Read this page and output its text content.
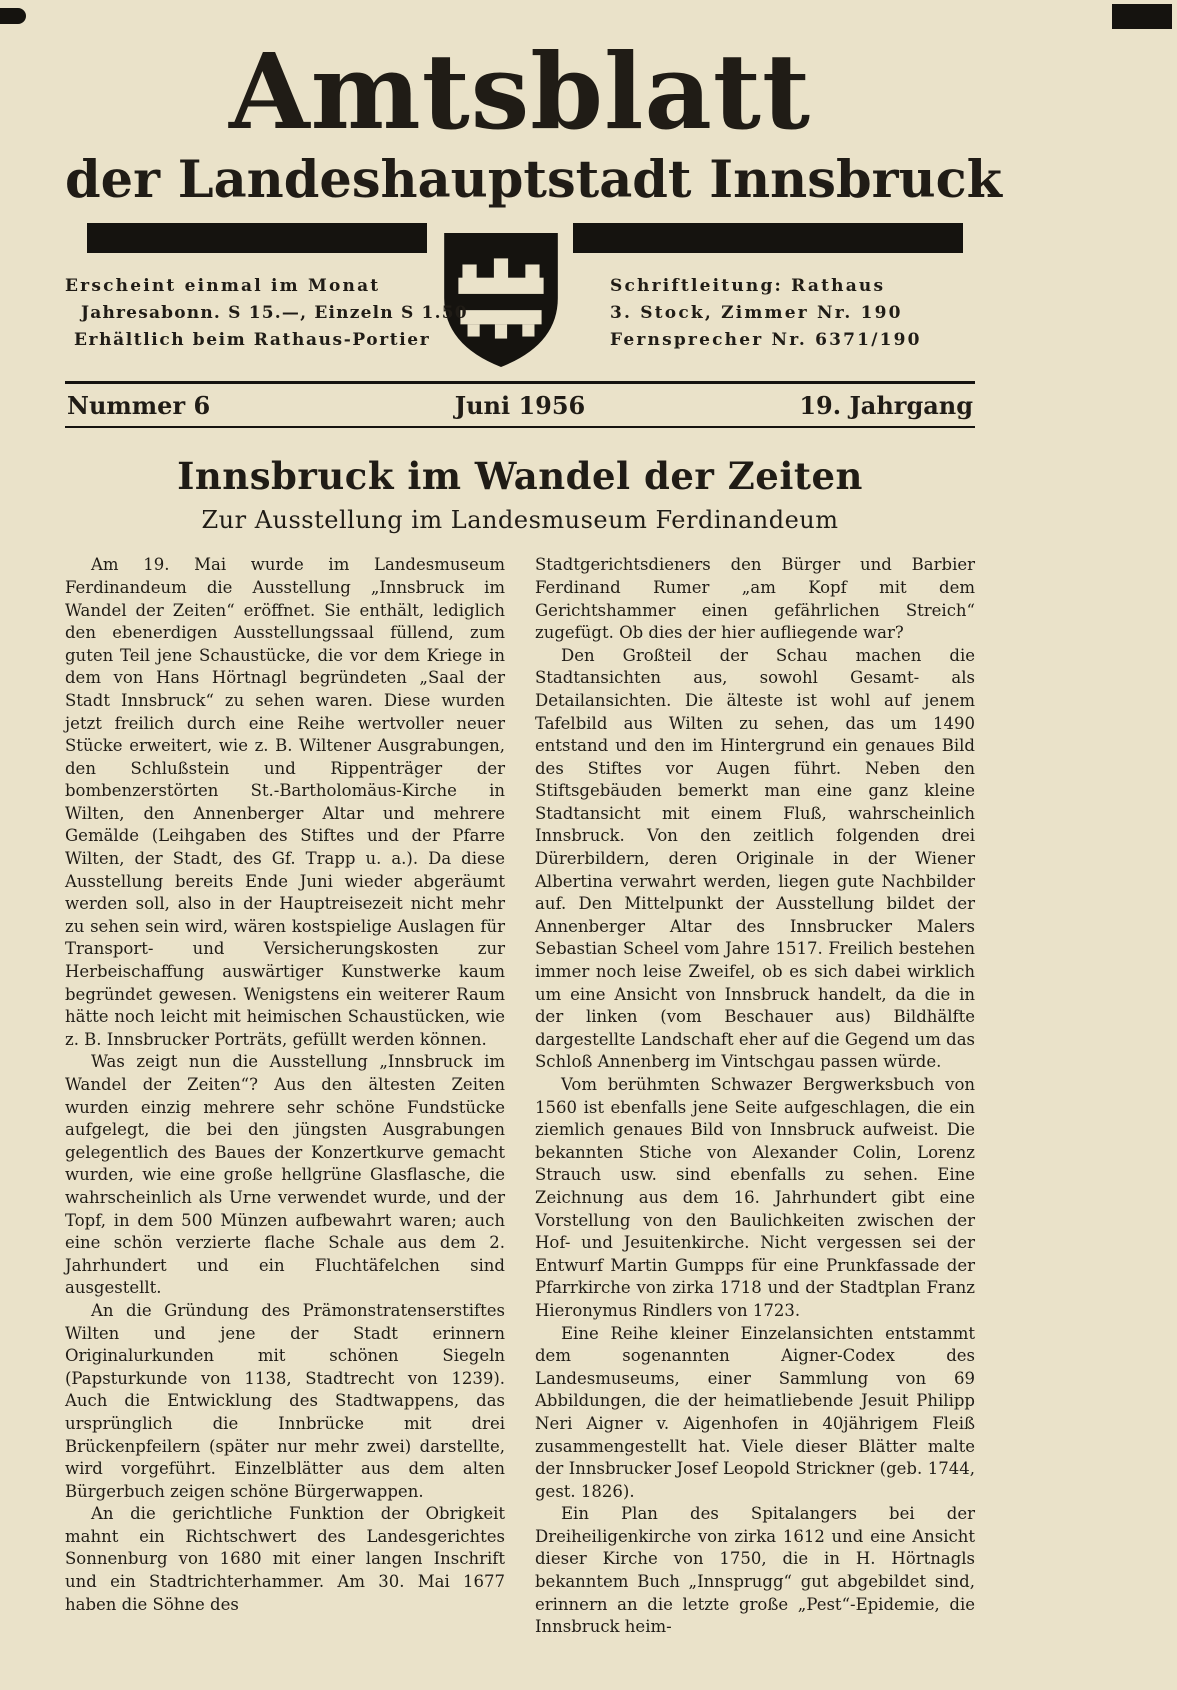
Amtsblatt
der Landeshauptstadt Innsbruck
Erscheint einmal im Monat
Jahresabonn. S 15.—, Einzeln S 1.50
Erhältlich beim Rathaus-Portier
Schriftleitung: Rathaus
3. Stock, Zimmer Nr. 190
Fernsprecher Nr. 6371/190
Nummer 6	Juni 1956	19. Jahrgang
Innsbruck im Wandel der Zeiten
Zur Ausstellung im Landesmuseum Ferdinandeum

Am 19. Mai wurde im Landesmuseum Ferdinandeum die Ausstellung „Innsbruck im Wandel der Zeiten“ eröffnet. Sie enthält, lediglich den ebenerdigen Ausstellungssaal füllend, zum guten Teil jene Schaustücke, die vor dem Kriege in dem von Hans Hörtnagl begründeten „Saal der Stadt Innsbruck“ zu sehen waren. Diese wurden jetzt freilich durch eine Reihe wertvoller neuer Stücke erweitert, wie z. B. Wiltener Ausgrabungen, den Schlußstein und Rippenträger der bombenzerstörten St.-Bartholomäus-Kirche in Wilten, den Annenberger Altar und mehrere Gemälde (Leihgaben des Stiftes und der Pfarre Wilten, der Stadt, des Gf. Trapp u. a.). Da diese Ausstellung bereits Ende Juni wieder abgeräumt werden soll, also in der Hauptreisezeit nicht mehr zu sehen sein wird, wären kostspielige Auslagen für Transport- und Versicherungskosten zur Herbeischaffung auswärtiger Kunstwerke kaum begründet gewesen. Wenigstens ein weiterer Raum hätte noch leicht mit heimischen Schaustücken, wie z. B. Innsbrucker Porträts, gefüllt werden können.

Was zeigt nun die Ausstellung „Innsbruck im Wandel der Zeiten“? Aus den ältesten Zeiten wurden einzig mehrere sehr schöne Fundstücke aufgelegt, die bei den jüngsten Ausgrabungen gelegentlich des Baues der Konzertkurve gemacht wurden, wie eine große hellgrüne Glasflasche, die wahrscheinlich als Urne verwendet wurde, und der Topf, in dem 500 Münzen aufbewahrt waren; auch eine schön verzierte flache Schale aus dem 2. Jahrhundert und ein Fluchtäfelchen sind ausgestellt.

An die Gründung des Prämonstratenserstiftes Wilten und jene der Stadt erinnern Originalurkunden mit schönen Siegeln (Papsturkunde von 1138, Stadtrecht von 1239). Auch die Entwicklung des Stadtwappens, das ursprünglich die Innbrücke mit drei Brückenpfeilern (später nur mehr zwei) darstellte, wird vorgeführt. Einzelblätter aus dem alten Bürgerbuch zeigen schöne Bürgerwappen.

An die gerichtliche Funktion der Obrigkeit mahnt ein Richtschwert des Landesgerichtes Sonnenburg von 1680 mit einer langen Inschrift und ein Stadtrichterhammer. Am 30. Mai 1677 haben die Söhne des

Stadtgerichtsdieners den Bürger und Barbier Ferdinand Rumer „am Kopf mit dem Gerichtshammer einen gefährlichen Streich“ zugefügt. Ob dies der hier aufliegende war?

Den Großteil der Schau machen die Stadtansichten aus, sowohl Gesamt- als Detailansichten. Die älteste ist wohl auf jenem Tafelbild aus Wilten zu sehen, das um 1490 entstand und den im Hintergrund ein genaues Bild des Stiftes vor Augen führt. Neben den Stiftsgebäuden bemerkt man eine ganz kleine Stadtansicht mit einem Fluß, wahrscheinlich Innsbruck. Von den zeitlich folgenden drei Dürerbildern, deren Originale in der Wiener Albertina verwahrt werden, liegen gute Nachbilder auf. Den Mittelpunkt der Ausstellung bildet der Annenberger Altar des Innsbrucker Malers Sebastian Scheel vom Jahre 1517. Freilich bestehen immer noch leise Zweifel, ob es sich dabei wirklich um eine Ansicht von Innsbruck handelt, da die in der linken (vom Beschauer aus) Bildhälfte dargestellte Landschaft eher auf die Gegend um das Schloß Annenberg im Vintschgau passen würde.

Vom berühmten Schwazer Bergwerksbuch von 1560 ist ebenfalls jene Seite aufgeschlagen, die ein ziemlich genaues Bild von Innsbruck aufweist. Die bekannten Stiche von Alexander Colin, Lorenz Strauch usw. sind ebenfalls zu sehen. Eine Zeichnung aus dem 16. Jahrhundert gibt eine Vorstellung von den Baulichkeiten zwischen der Hof- und Jesuitenkirche. Nicht vergessen sei der Entwurf Martin Gumpps für eine Prunkfassade der Pfarrkirche von zirka 1718 und der Stadtplan Franz Hieronymus Rindlers von 1723.

Eine Reihe kleiner Einzelansichten entstammt dem sogenannten Aigner-Codex des Landesmuseums, einer Sammlung von 69 Abbildungen, die der heimatliebende Jesuit Philipp Neri Aigner v. Aigenhofen in 40jährigem Fleiß zusammengestellt hat. Viele dieser Blätter malte der Innsbrucker Josef Leopold Strickner (geb. 1744, gest. 1826).

Ein Plan des Spitalangers bei der Dreiheiligenkirche von zirka 1612 und eine Ansicht dieser Kirche von 1750, die in H. Hörtnagls bekanntem Buch „Innsprugg“ gut abgebildet sind, erinnern an die letzte große „Pest“-Epidemie, die Innsbruck heim-
